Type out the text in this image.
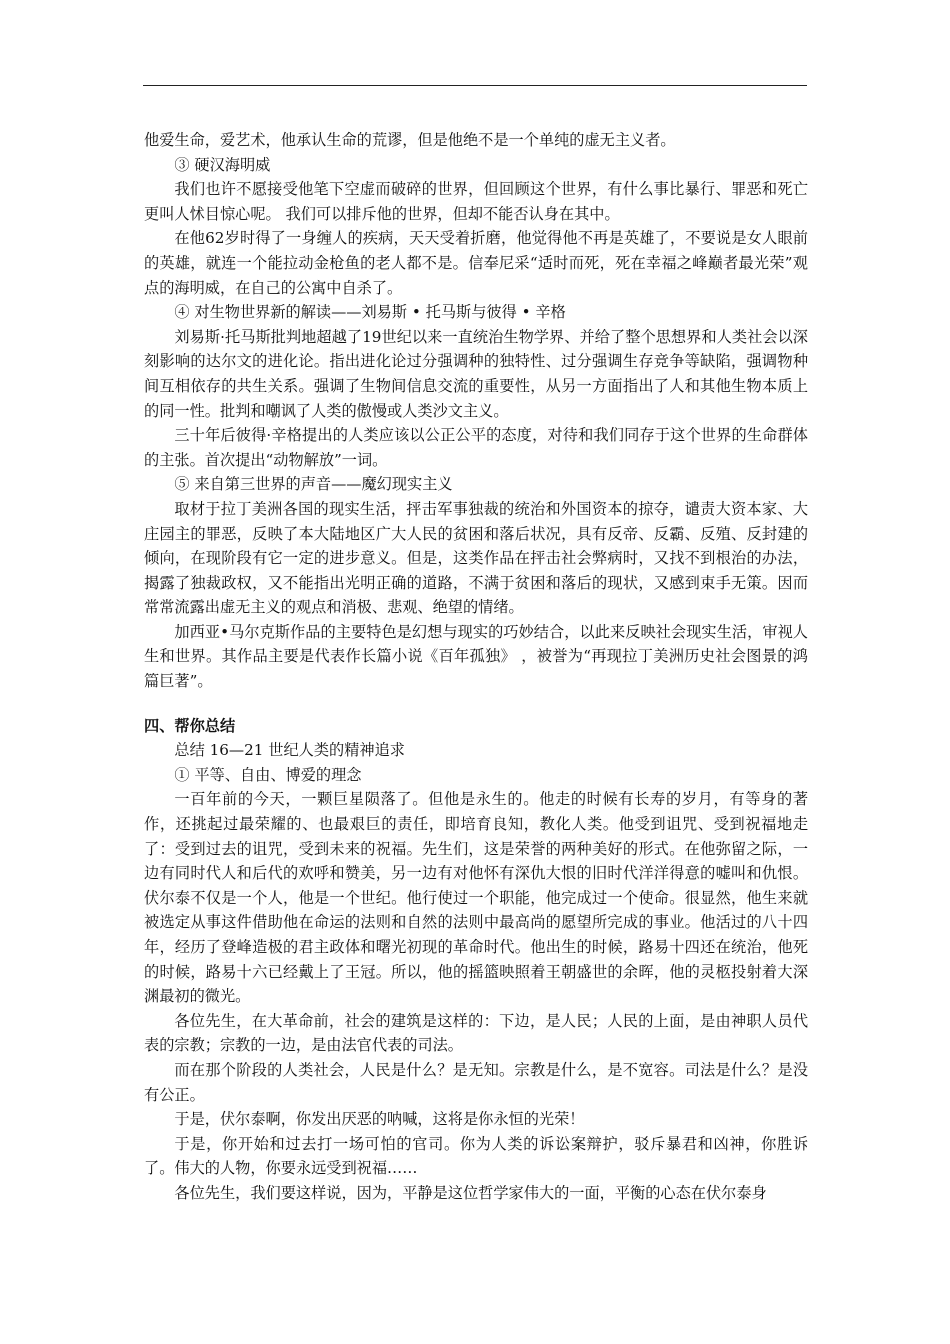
他爱生命，爱艺术，他承认生命的荒谬，但是他绝不是一个单纯的虚无主义者。

③ 硬汉海明威

我们也许不愿接受他笔下空虚而破碎的世界，但回顾这个世界，有什么事比暴行、罪恶和死亡更叫人怵目惊心呢。 我们可以排斥他的世界，但却不能否认身在其中。

在他62岁时得了一身缠人的疾病，天天受着折磨，他觉得他不再是英雄了，不要说是女人眼前的英雄，就连一个能拉动金枪鱼的老人都不是。信奉尼采“适时而死，死在幸福之峰巅者最光荣”观点的海明威，在自己的公寓中自杀了。

④ 对生物世界新的解读——刘易斯 • 托马斯与彼得 • 辛格

刘易斯·托马斯批判地超越了19世纪以来一直统治生物学界、并给了整个思想界和人类社会以深刻影响的达尔文的进化论。指出进化论过分强调种的独特性、过分强调生存竞争等缺陷，强调物种间互相依存的共生关系。强调了生物间信息交流的重要性，从另一方面指出了人和其他生物本质上的同一性。批判和嘲讽了人类的傲慢或人类沙文主义。

三十年后彼得·辛格提出的人类应该以公正公平的态度，对待和我们同存于这个世界的生命群体的主张。首次提出“动物解放”一词。

⑤ 来自第三世界的声音——魔幻现实主义

取材于拉丁美洲各国的现实生活，抨击军事独裁的统治和外国资本的掠夺，谴责大资本家、大庄园主的罪恶，反映了本大陆地区广大人民的贫困和落后状况，具有反帝、反霸、反殖、反封建的倾向，在现阶段有它一定的进步意义。但是，这类作品在抨击社会弊病时，又找不到根治的办法，揭露了独裁政权，又不能指出光明正确的道路，不满于贫困和落后的现状，又感到束手无策。因而常常流露出虚无主义的观点和消极、悲观、绝望的情绪。

加西亚•马尔克斯作品的主要特色是幻想与现实的巧妙结合，以此来反映社会现实生活，审视人生和世界。其作品主要是代表作长篇小说《百年孤独》 ，被誉为“再现拉丁美洲历史社会图景的鸿篇巨著”。

四、帮你总结

总结 16—21 世纪人类的精神追求

① 平等、自由、博爱的理念

一百年前的今天，一颗巨星陨落了。但他是永生的。他走的时候有长寿的岁月，有等身的著作，还挑起过最荣耀的、也最艰巨的责任，即培育良知，教化人类。他受到诅咒、受到祝福地走了：受到过去的诅咒，受到未来的祝福。先生们，这是荣誉的两种美好的形式。在他弥留之际，一边有同时代人和后代的欢呼和赞美，另一边有对他怀有深仇大恨的旧时代洋洋得意的嘘叫和仇恨。伏尔泰不仅是一个人，他是一个世纪。他行使过一个职能，他完成过一个使命。很显然，他生来就被选定从事这件借助他在命运的法则和自然的法则中最高尚的愿望所完成的事业。他活过的八十四年，经历了登峰造极的君主政体和曙光初现的革命时代。他出生的时候，路易十四还在统治，他死的时候，路易十六已经戴上了王冠。所以，他的摇篮映照着王朝盛世的余晖，他的灵柩投射着大深渊最初的微光。

各位先生，在大革命前，社会的建筑是这样的：下边，是人民；人民的上面，是由神职人员代表的宗教；宗教的一边，是由法官代表的司法。

而在那个阶段的人类社会，人民是什么？是无知。宗教是什么，是不宽容。司法是什么？是没有公正。

于是，伏尔泰啊，你发出厌恶的呐喊，这将是你永恒的光荣！

于是，你开始和过去打一场可怕的官司。你为人类的诉讼案辩护，驳斥暴君和凶神，你胜诉了。伟大的人物，你要永远受到祝福……

各位先生，我们要这样说，因为，平静是这位哲学家伟大的一面，平衡的心态在伏尔泰身
